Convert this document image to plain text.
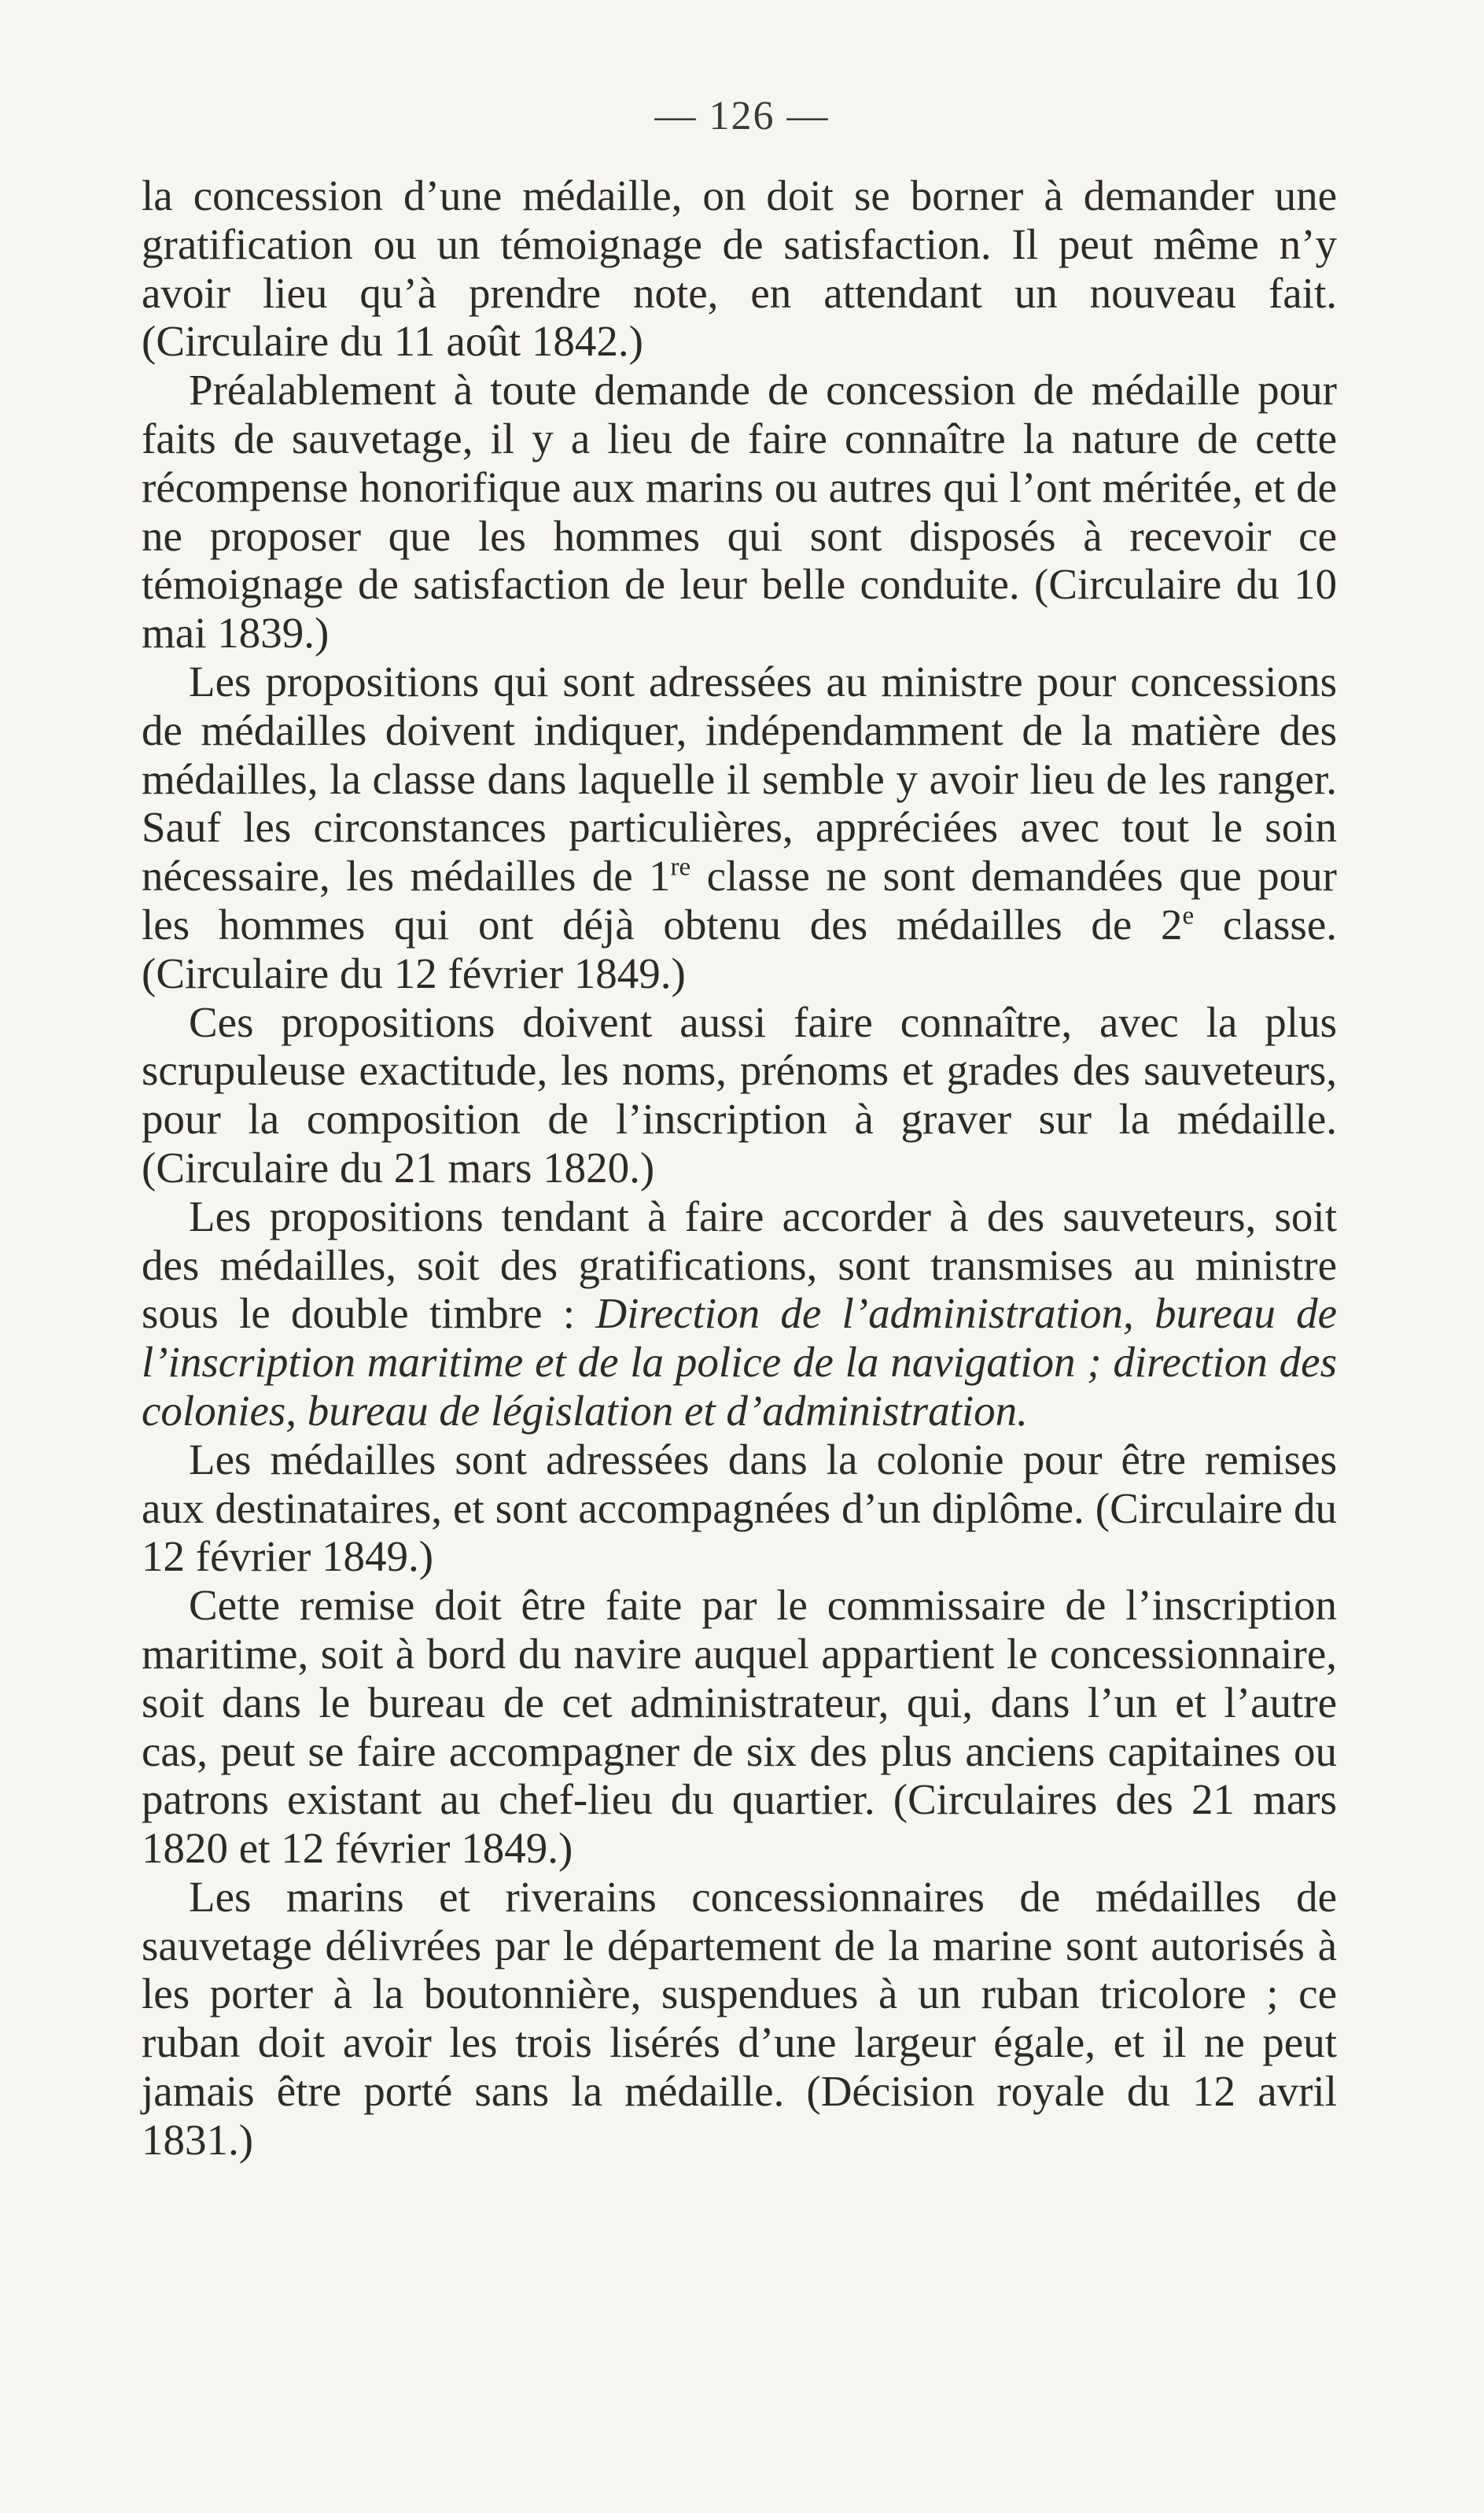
— 126 —

la concession d’une médaille, on doit se borner à demander une gratification ou un témoignage de satisfaction. Il peut même n’y avoir lieu qu’à prendre note, en attendant un nouveau fait. (Circulaire du 11 août 1842.)

Préalablement à toute demande de concession de médaille pour faits de sauvetage, il y a lieu de faire connaître la nature de cette récompense honorifique aux marins ou autres qui l’ont méritée, et de ne proposer que les hommes qui sont disposés à recevoir ce témoignage de satisfaction de leur belle conduite. (Circulaire du 10 mai 1839.)

Les propositions qui sont adressées au ministre pour concessions de médailles doivent indiquer, indépendamment de la matière des médailles, la classe dans laquelle il semble y avoir lieu de les ranger. Sauf les circonstances particulières, appréciées avec tout le soin nécessaire, les médailles de 1re classe ne sont demandées que pour les hommes qui ont déjà obtenu des médailles de 2e classe. (Circulaire du 12 février 1849.)

Ces propositions doivent aussi faire connaître, avec la plus scrupuleuse exactitude, les noms, prénoms et grades des sauveteurs, pour la composition de l’inscription à graver sur la médaille. (Circulaire du 21 mars 1820.)

Les propositions tendant à faire accorder à des sauveteurs, soit des médailles, soit des gratifications, sont transmises au ministre sous le double timbre : Direction de l’administration, bureau de l’inscription maritime et de la police de la navigation ; direction des colonies, bureau de législation et d’administration.

Les médailles sont adressées dans la colonie pour être remises aux destinataires, et sont accompagnées d’un diplôme. (Circulaire du 12 février 1849.)

Cette remise doit être faite par le commissaire de l’inscription maritime, soit à bord du navire auquel appartient le concessionnaire, soit dans le bureau de cet administrateur, qui, dans l’un et l’autre cas, peut se faire accompagner de six des plus anciens capitaines ou patrons existant au chef-lieu du quartier. (Circulaires des 21 mars 1820 et 12 février 1849.)

Les marins et riverains concessionnaires de médailles de sauvetage délivrées par le département de la marine sont autorisés à les porter à la boutonnière, suspendues à un ruban tricolore ; ce ruban doit avoir les trois lisérés d’une largeur égale, et il ne peut jamais être porté sans la médaille. (Décision royale du 12 avril 1831.)
